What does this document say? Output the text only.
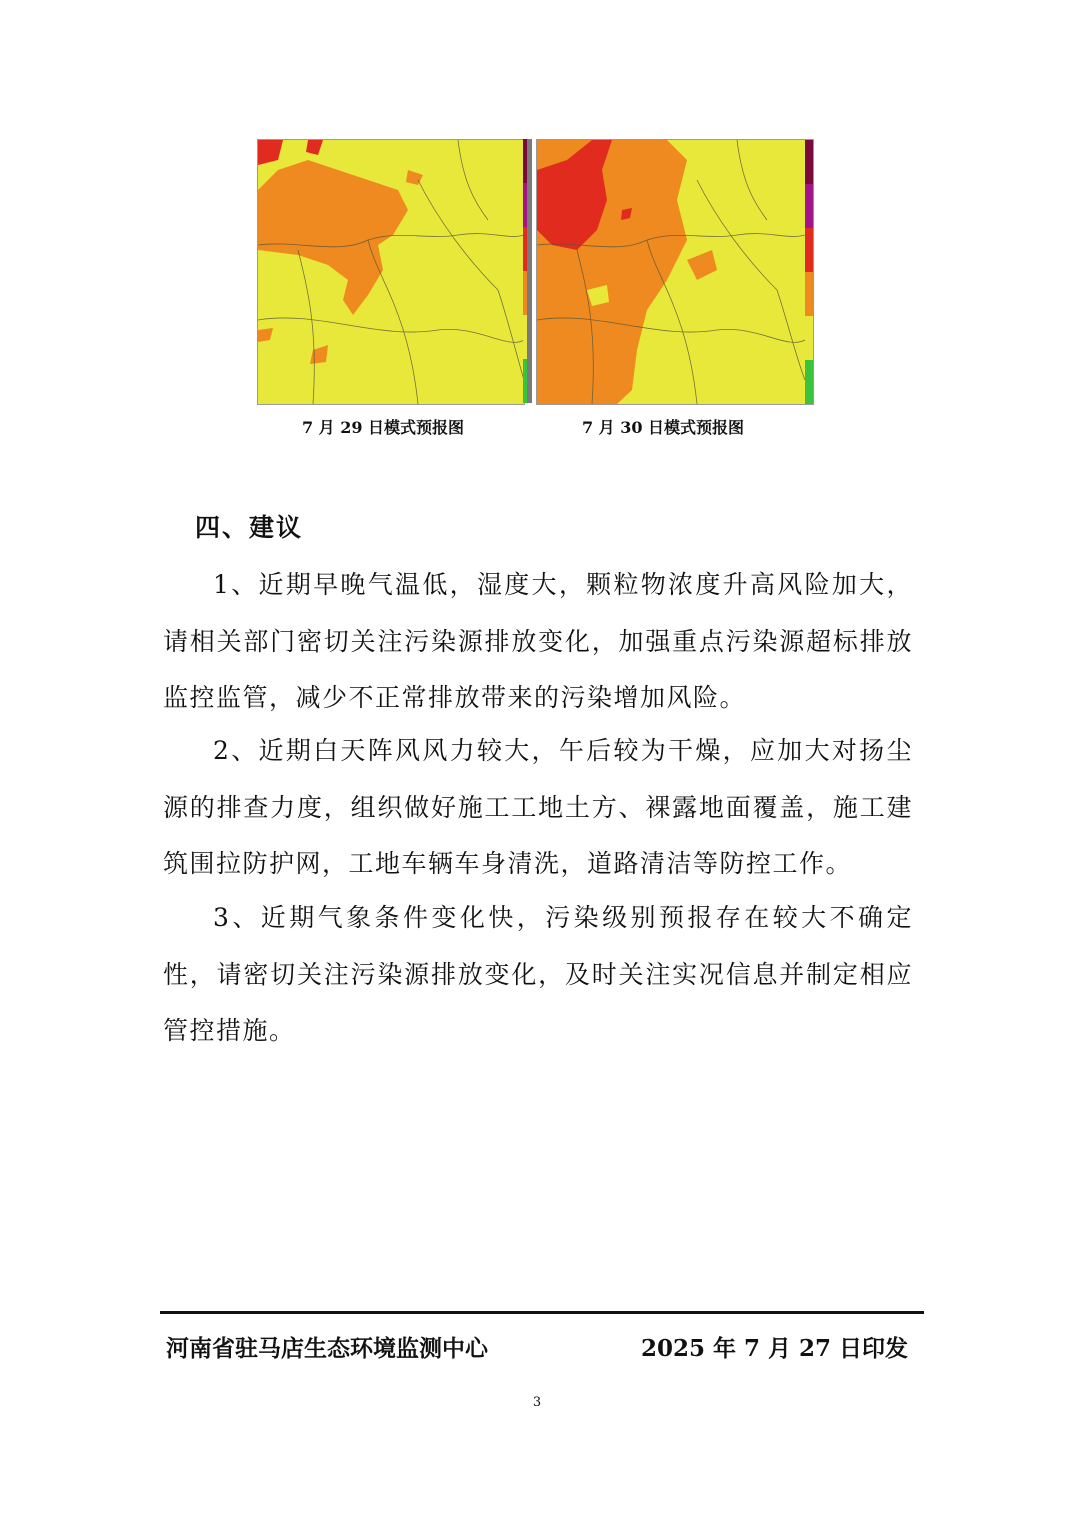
7 月 29 日模式预报图	7 月 30 日模式预报图
四、建议
1、近期早晚气温低，湿度大，颗粒物浓度升高风险加大，请相关部门密切关注污染源排放变化，加强重点污染源超标排放监控监管，减少不正常排放带来的污染增加风险。
2、近期白天阵风风力较大，午后较为干燥，应加大对扬尘源的排查力度，组织做好施工工地土方、裸露地面覆盖，施工建筑围拉防护网，工地车辆车身清洗，道路清洁等防控工作。
3、近期气象条件变化快，污染级别预报存在较大不确定性，请密切关注污染源排放变化，及时关注实况信息并制定相应管控措施。
河南省驻马店生态环境监测中心	2025 年 7 月 27 日印发
3
